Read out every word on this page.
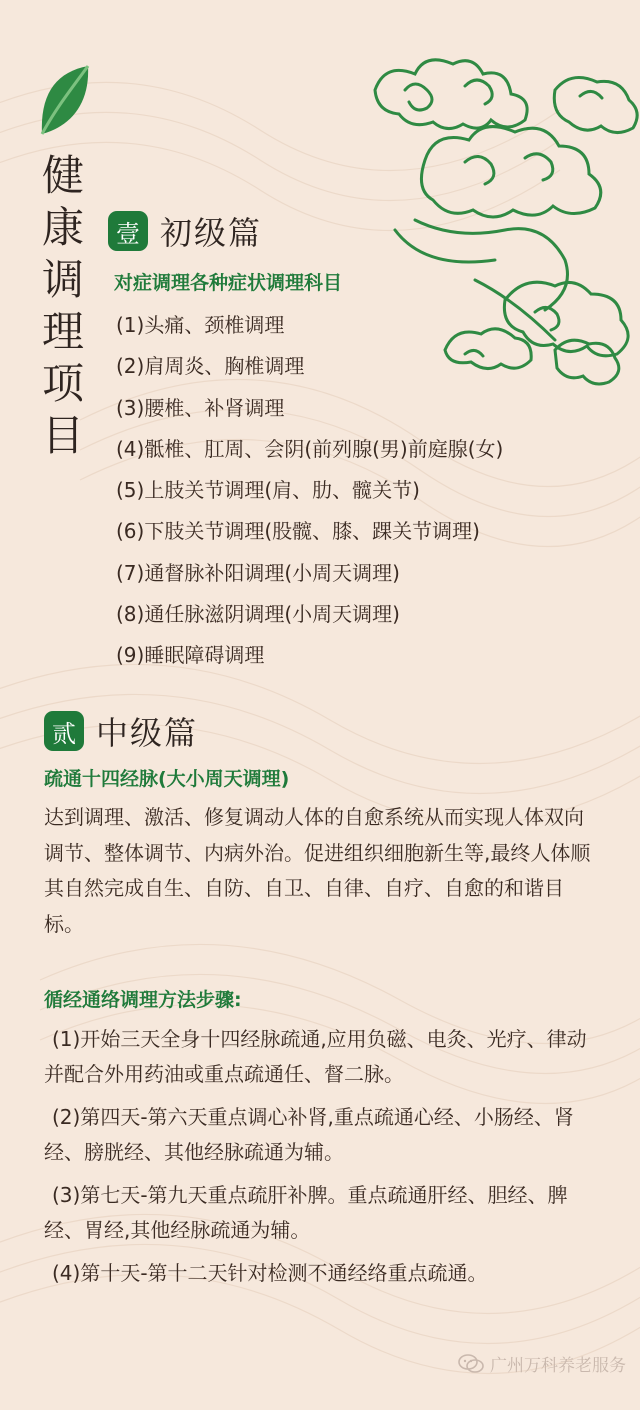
健
康
调
理
项
目
壹 初级篇
对症调理各种症状调理科目
(1)头痛、颈椎调理
(2)肩周炎、胸椎调理
(3)腰椎、补肾调理
(4)骶椎、肛周、会阴(前列腺(男)前庭腺(女)
(5)上肢关节调理(肩、肋、髋关节)
(6)下肢关节调理(股髋、膝、踝关节调理)
(7)通督脉补阳调理(小周天调理)
(8)通任脉滋阴调理(小周天调理)
(9)睡眠障碍调理
贰 中级篇
疏通十四经脉(大小周天调理)

达到调理、激活、修复调动人体的自愈系统从而实现人体双向调节、整体调节、内病外治。促进组织细胞新生等,最终人体顺其自然完成自生、自防、自卫、自律、自疗、自愈的和谐目标。

循经通络调理方法步骤:
(1)开始三天全身十四经脉疏通,应用负磁、电灸、光疗、律动并配合外用药油或重点疏通任、督二脉。
(2)第四天-第六天重点调心补肾,重点疏通心经、小肠经、肾经、膀胱经、其他经脉疏通为辅。
(3)第七天-第九天重点疏肝补脾。重点疏通肝经、胆经、脾经、胃经,其他经脉疏通为辅。
(4)第十天-第十二天针对检测不通经络重点疏通。
广州万科养老服务
